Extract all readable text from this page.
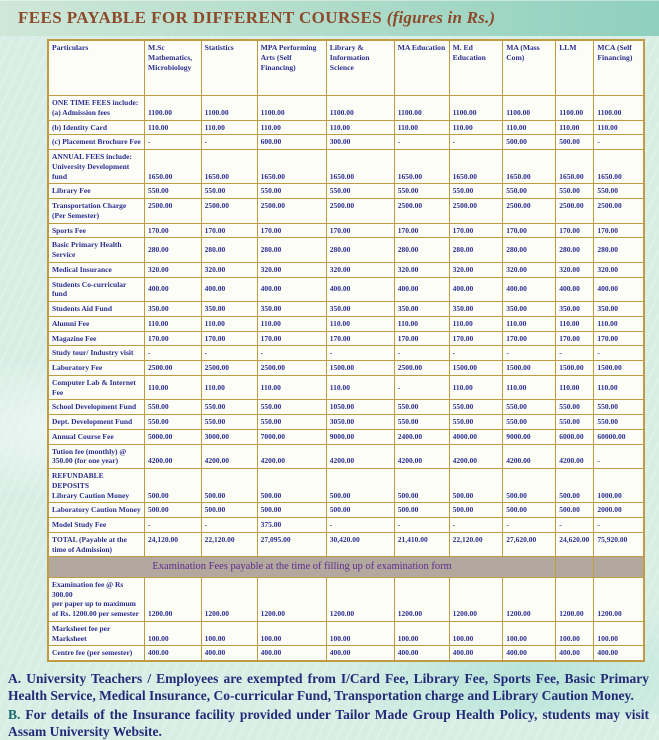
FEES PAYABLE FOR DIFFERENT COURSES (figures in Rs.)
Particulars	M.Sc Mathematics, Microbiology	Statistics	MPA Performing Arts (Self Financing)	Library & Information Science	MA Education	M. Ed Education	MA (Mass Com)	LLM	MCA (Self Financing)

ONE TIME FEES include:
(a) Admission fees	1100.00	1100.00	1100.00	1100.00	1100.00	1100.00	1100.00	1100.00	1100.00

(b) Identity Card	110.00	110.00	110.00	110.00	110.00	110.00	110.00	110.00	110.00

(c) Placement Brochure Fee	-	-	600.00	300.00	-	-	500.00	500.00	-

ANNUAL FEES include:
University Development fund	1650.00	1650.00	1650.00	1650.00	1650.00	1650.00	1650.00	1650.00	1650.00

Library Fee	550.00	550.00	550.00	550.00	550.00	550.00	550.00	550.00	550.00

Transportation Charge
(Per Semester)	2500.00	2500.00	2500.00	2500.00	2500.00	2500.00	2500.00	2500.00	2500.00

Sports Fee	170.00	170.00	170.00	170.00	170.00	170.00	170.00	170.00	170.00

Basic Primary Health Service	280.00	280.00	280.00	280.00	280.00	280.00	280.00	280.00	280.00

Medical Insurance	320.00	320.00	320.00	320.00	320.00	320.00	320.00	320.00	320.00

Students Co-curricular fund	400.00	400.00	400.00	400.00	400.00	400.00	400.00	400.00	400.00

Students Aid Fund	350.00	350.00	350.00	350.00	350.00	350.00	350.00	350.00	350.00

Alumni Fee	110.00	110.00	110.00	110.00	110.00	110.00	110.00	110.00	110.00

Magazine Fee	170.00	170.00	170.00	170.00	170.00	170.00	170.00	170.00	170.00

Study tour/ Industry visit	-	-	-	-	-	-	-	-	-

Laboratory Fee	2500.00	2500.00	2500.00	1500.00	2500.00	1500.00	1500.00	1500.00	1500.00

Computer Lab & Internet Fee	110.00	110.00	110.00	110.00	-	110.00	110.00	110.00	110.00

School Development Fund	550.00	550.00	550.00	1050.00	550.00	550.00	550.00	550.00	550.00

Dept. Development Fund	550.00	550.00	550.00	3050.00	550.00	550.00	550.00	550.00	550.00

Annual Course Fee	5000.00	3000.00	7000.00	9000.00	2400.00	4000.00	9000.00	6000.00	60000.00

Tution fee (monthly) @
350.00 (for one year)	4200.00	4200.00	4200.00	4200.00	4200.00	4200.00	4200.00	4200.00	-

REFUNDABLE DEPOSITS
Library Caution Money	500.00	500.00	500.00	500.00	500.00	500.00	500.00	500.00	1000.00

Laboratory Caution Money	500.00	500.00	500.00	500.00	500.00	500.00	500.00	500.00	2000.00

Model Study Fee	-	-	375.00	-	-	-	-	-	-

TOTAL (Payable at the
time of Admission)	24,120.00	22,120.00	27,095.00	30,420.00	21,410.00	22,120.00	27,620.00	24,620.00	75,920.00
Examination Fees payable at the time of filling up of examination form									

Examination fee @ Rs 300.00
per paper up to maximum
of Rs. 1200.00 per semester	1200.00	1200.00	1200.00	1200.00	1200.00	1200.00	1200.00	1200.00	1200.00

Marksheet fee per
Marksheet	100.00	100.00	100.00	100.00	100.00	100.00	100.00	100.00	100.00

Centre fee (per semester)	400.00	400.00	400.00	400.00	400.00	400.00	400.00	400.00	400.00
A. University Teachers / Employees are exempted from I/Card Fee, Library Fee, Sports Fee, Basic Primary Health Service, Medical Insurance, Co-curricular Fund, Transportation charge and Library Caution Money.
B. For details of the Insurance facility provided under Tailor Made Group Health Policy, students may visit Assam University Website.
